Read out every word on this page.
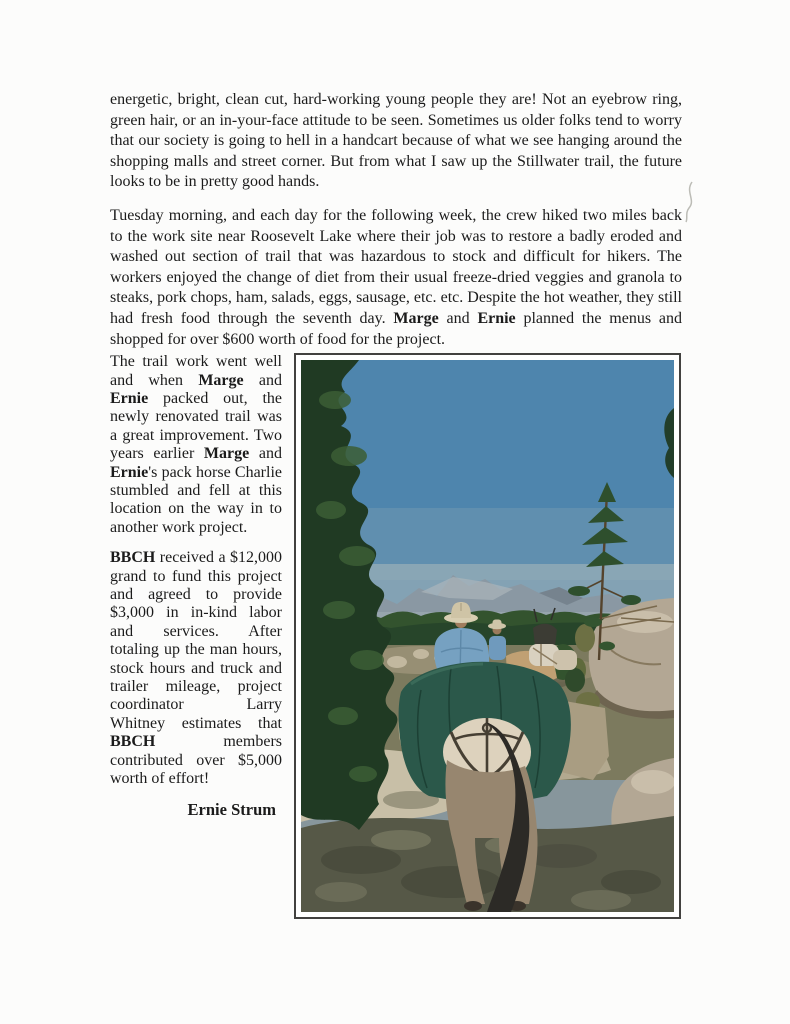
energetic, bright, clean cut, hard-working young people they are! Not an eyebrow ring, green hair, or an in-your-face attitude to be seen. Sometimes us older folks tend to worry that our society is going to hell in a handcart because of what we see hanging around the shopping malls and street corner. But from what I saw up the Stillwater trail, the future looks to be in pretty good hands.

Tuesday morning, and each day for the following week, the crew hiked two miles back to the work site near Roosevelt Lake where their job was to restore a badly eroded and washed out section of trail that was hazardous to stock and difficult for hikers. The workers enjoyed the change of diet from their usual freeze-dried veggies and granola to steaks, pork chops, ham, salads, eggs, sausage, etc. etc. Despite the hot weather, they still had fresh food through the seventh day. Marge and Ernie planned the menus and shopped for over $600 worth of food for the project.

The trail work went well and when Marge and Ernie packed out, the newly renovated trail was a great improvement. Two years earlier Marge and Ernie's pack horse Charlie stumbled and fell at this location on the way in to another work project.

BBCH received a $12,000 grand to fund this project and agreed to provide $3,000 in in-kind labor and services. After totaling up the man hours, stock hours and truck and trailer mileage, project coordinator Larry Whitney estimates that BBCH members contributed over $5,000 worth of effort!

Ernie Strum
